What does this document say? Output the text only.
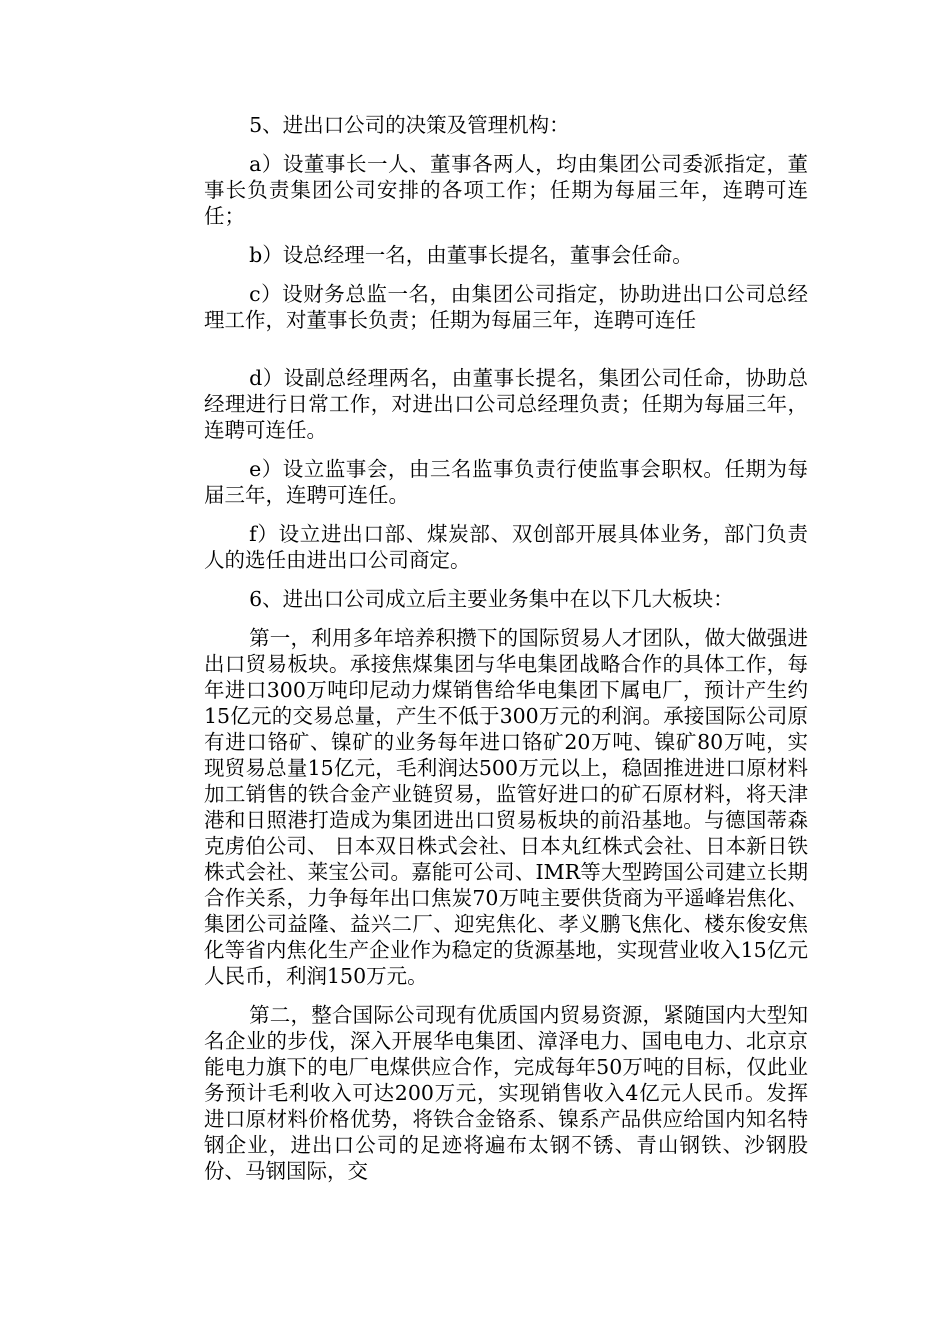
5、进出口公司的决策及管理机构：

a）设董事长一人、董事各两人，均由集团公司委派指定，董事长负责集团公司安排的各项工作；任期为每届三年，连聘可连任；

b）设总经理一名，由董事长提名，董事会任命。

c）设财务总监一名，由集团公司指定，协助进出口公司总经理工作，对董事长负责；任期为每届三年，连聘可连任

d）设副总经理两名，由董事长提名，集团公司任命，协助总经理进行日常工作，对进出口公司总经理负责；任期为每届三年，连聘可连任。

e）设立监事会，由三名监事负责行使监事会职权。任期为每届三年，连聘可连任。

f）设立进出口部、煤炭部、双创部开展具体业务，部门负责人的选任由进出口公司商定。

6、进出口公司成立后主要业务集中在以下几大板块：

第一，利用多年培养积攒下的国际贸易人才团队，做大做强进出口贸易板块。承接焦煤集团与华电集团战略合作的具体工作，每年进口300万吨印尼动力煤销售给华电集团下属电厂，预计产生约15亿元的交易总量，产生不低于300万元的利润。承接国际公司原有进口铬矿、镍矿的业务每年进口铬矿20万吨、镍矿80万吨，实现贸易总量15亿元，毛利润达500万元以上，稳固推进进口原材料加工销售的铁合金产业链贸易，监管好进口的矿石原材料，将天津港和日照港打造成为集团进出口贸易板块的前沿基地。与德国蒂森克虏伯公司、 日本双日株式会社、日本丸红株式会社、日本新日铁株式会社、莱宝公司。嘉能可公司、IMR等大型跨国公司建立长期合作关系，力争每年出口焦炭70万吨主要供货商为平遥峰岩焦化、集团公司益隆、益兴二厂、迎宪焦化、孝义鹏飞焦化、楼东俊安焦化等省内焦化生产企业作为稳定的货源基地，实现营业收入15亿元人民币，利润150万元。

第二，整合国际公司现有优质国内贸易资源，紧随国内大型知名企业的步伐，深入开展华电集团、漳泽电力、国电电力、北京京能电力旗下的电厂电煤供应合作，完成每年50万吨的目标，仅此业务预计毛利收入可达200万元，实现销售收入4亿元人民币。发挥进口原材料价格优势，将铁合金铬系、镍系产品供应给国内知名特钢企业，进出口公司的足迹将遍布太钢不锈、青山钢铁、沙钢股份、马钢国际，交
